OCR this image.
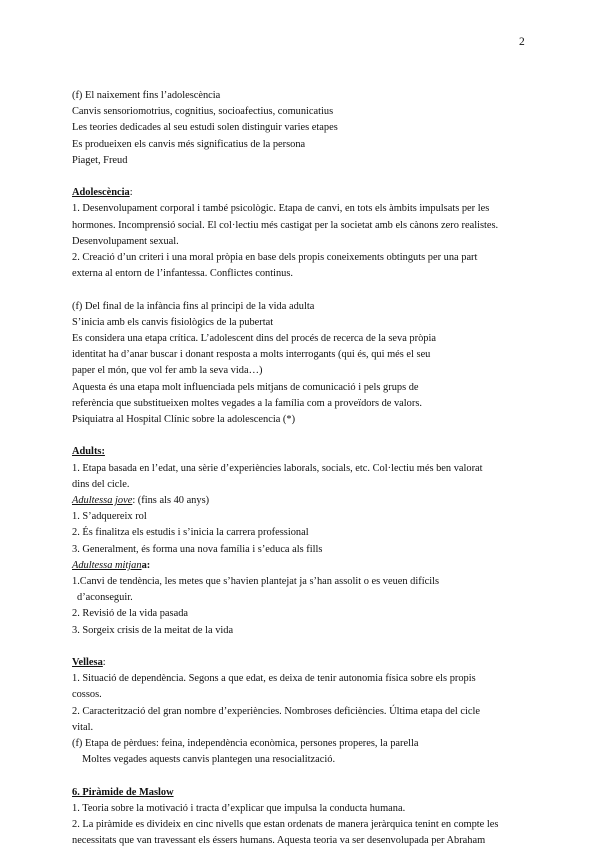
2
(f) El naixement fins l’adolescència
Canvis sensoriomotrius, cognitius, socioafectius, comunicatius
Les teories dedicades al seu estudi solen distinguir varies etapes
Es produeixen els canvis més significatius de la persona
Piaget, Freud
Adolescència:
1. Desenvolupament corporal i també psicològic. Etapa de canvi, en tots els àmbits impulsats per les
hormones. Incomprensió social. El col·lectiu més castigat per la societat amb els cànons zero realistes.
Desenvolupament sexual.
2. Creació d’un criteri i una moral pròpia en base dels propis coneixements obtinguts per una part
externa al entorn de l’infantessa. Conflictes continus.
(f) Del final de la infància fins al principi de la vida adulta
S’inicia amb els canvis fisiològics de la pubertat
Es considera una etapa crítica. L’adolescent dins del procés de recerca de la seva pròpia
identitat ha d’anar buscar i donant resposta a molts interrogants (qui és, qui més el seu
paper el món, que vol fer amb la seva vida…)
Aquesta és una etapa molt influenciada pels mitjans de comunicació i pels grups de
referència que substitueixen moltes vegades a la família com a proveïdors de valors.
Psiquiatra al Hospital Clínic sobre la adolescencia (*)
Adults:
1. Etapa basada en l’edat, una sèrie d’experiències laborals, socials, etc. Col·lectiu més ben valorat
dins del cicle.
Adultessa jove: (fins als 40 anys)
1. S’adquereix rol
2. És finalitza els estudis i s’inicia la carrera professional
3. Generalment, és forma una nova família i s’educa als fills
Adultessa mitjana:
1.Canvi de tendència, les metes que s’havien plantejat ja s’han assolit o es veuen difícils
d’aconseguir.
2. Revisió de la vida pasada
3. Sorgeix crisis de la meitat de la vida
Vellesa:
1. Situació de dependència. Segons a que edat, es deixa de tenir autonomia física sobre els propis
cossos.
2. Caracterització del gran nombre d’experiències. Nombroses deficiències. Última etapa del cicle
vital.
(f) Etapa de pèrdues: feina, independència econòmica, persones properes, la parella
Moltes vegades aquests canvis plantegen una resocialització.
6. Piràmide de Maslow
1. Teoria sobre la motivació i tracta d’explicar que impulsa la conducta humana.
2. La piràmide es divideix en cinc nivells que estan ordenats de manera jeràrquica tenint en compte les
necessitats que van travessant els éssers humans. Aquesta teoria va ser desenvolupada per Abraham
